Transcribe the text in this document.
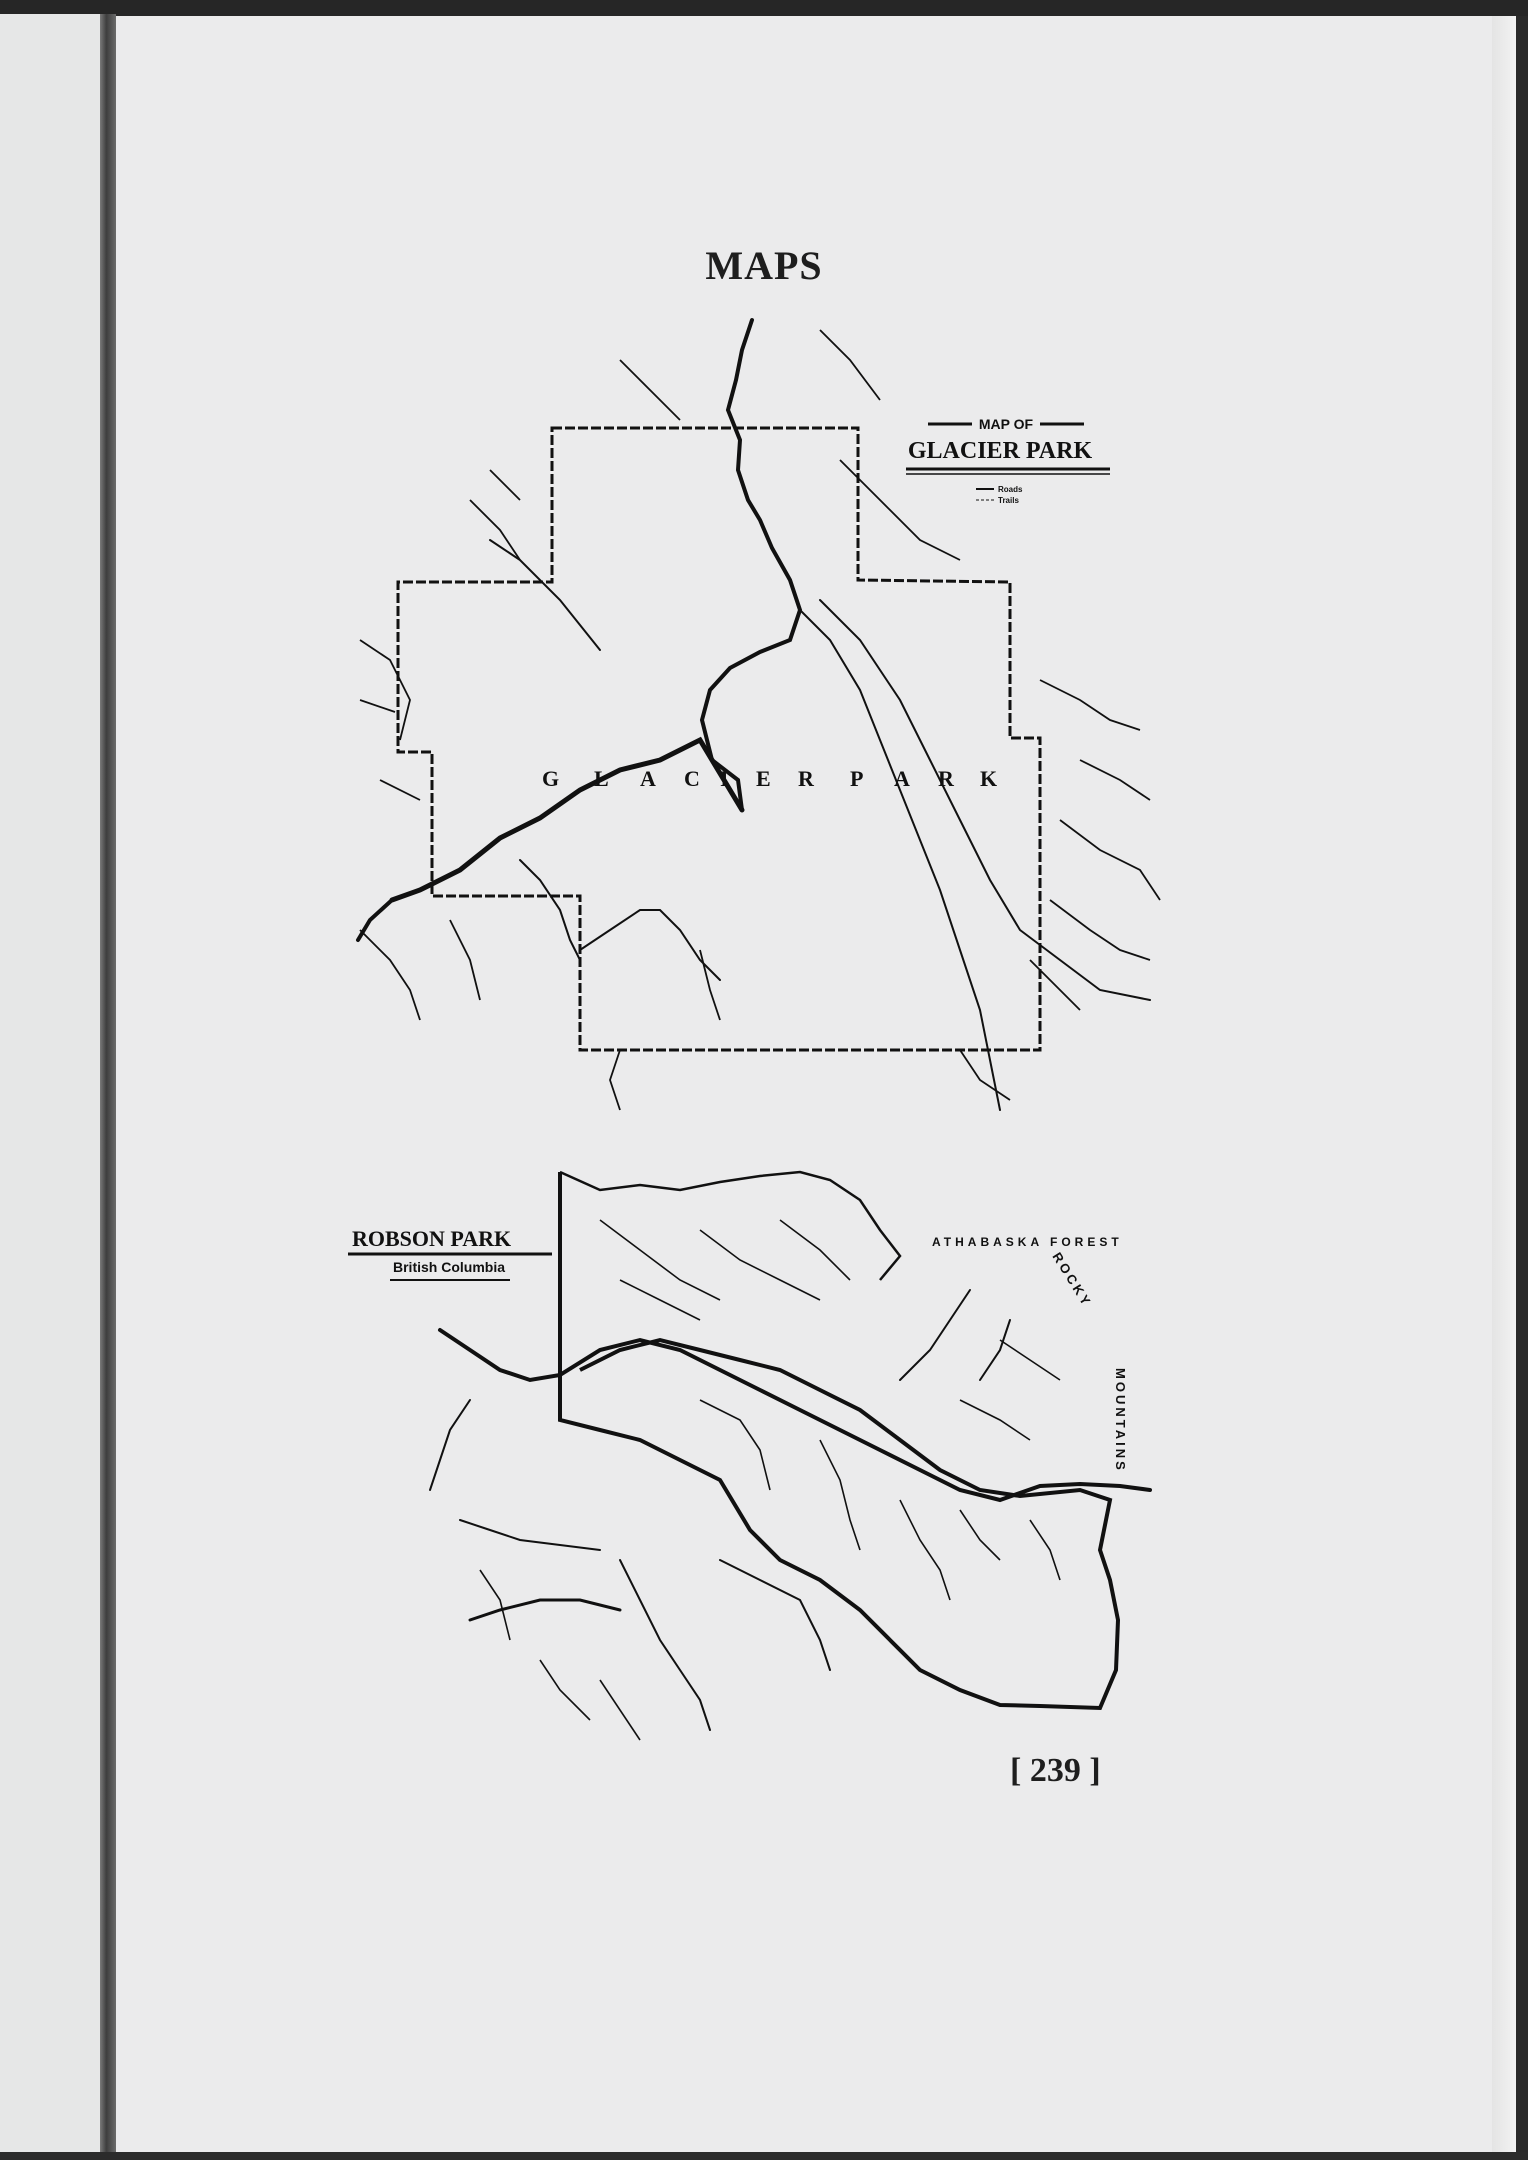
MAPS
MAP OF
GLACIER PARK
Roads
Trails
G L A C I E R P A R K
ROBSON PARK
British Columbia
ATHABASKA FOREST
ROCKY
MOUNTAINS
[ 239 ]
